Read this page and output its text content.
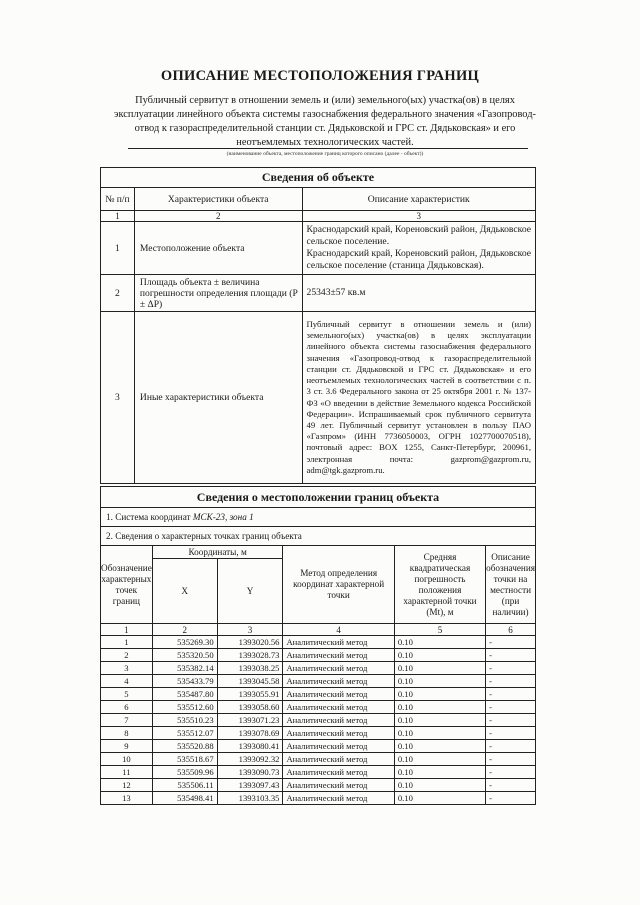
ОПИСАНИЕ МЕСТОПОЛОЖЕНИЯ ГРАНИЦ
Публичный сервитут в отношении земель и (или) земельного(ых) участка(ов) в целях эксплуатации линейного объекта системы газоснабжения федерального значения «Газопровод-отвод к газораспределительной станции ст. Дядьковской и ГРС ст. Дядьковская» и его неотъемлемых технологических частей.
(наименование объекта, местоположение границ которого описано (далее - объект))
Сведения об объекте		
№ п/п	Характеристики объекта	Описание характеристик
1	2	3
1	Местоположение объекта	Краснодарский край, Кореновский район, Дядьковское сельское поселение.
Краснодарский край, Кореновский район, Дядьковское сельское поселение (станица Дядьковская).

2	Площадь объекта ± величина погрешности определения площади (P ± ΔP)	25343±57 кв.м
3	Иные характеристики объекта	Публичный сервитут в отношении земель и (или) земельного(ых) участка(ов) в целях эксплуатации линейного объекта системы газоснабжения федерального значения «Газопровод-отвод к газораспределительной станции ст. Дядьковской и ГРС ст. Дядьковская» и его неотъемлемых технологических частей в соответствии с п. 3 ст. 3.6 Федерального закона от 25 октября 2001 г. № 137-ФЗ «О введении в действие Земельного кодекса Российской Федерации». Испрашиваемый срок публичного сервитута 49 лет. Публичный сервитут установлен в пользу ПАО «Газпром» (ИНН 7736050003, ОГРН 1027700070518), почтовый адрес: BOX 1255, Санкт-Петербург, 200961, электронная почта: gazprom@gazprom.ru, adm@tgk.gazprom.ru.
Сведения о местоположении границ объекта					
1. Система координат МСК-23, зона 1					
2. Сведения о характерных точках границ объекта					
Обозначение характерных точек границ	Координаты, м		Метод определения координат характерной точки	Средняя квадратическая погрешность положения характерной точки (Mt), м	Описание обозначения точки на местности (при наличии)
	X	Y			
1	2	3	4	5	6
1	535269.30	1393020.56	Аналитический метод	0.10	-
2	535320.50	1393028.73	Аналитический метод	0.10	-
3	535382.14	1393038.25	Аналитический метод	0.10	-
4	535433.79	1393045.58	Аналитический метод	0.10	-
5	535487.80	1393055.91	Аналитический метод	0.10	-
6	535512.60	1393058.60	Аналитический метод	0.10	-
7	535510.23	1393071.23	Аналитический метод	0.10	-
8	535512.07	1393078.69	Аналитический метод	0.10	-
9	535520.88	1393080.41	Аналитический метод	0.10	-
10	535518.67	1393092.32	Аналитический метод	0.10	-
11	535509.96	1393090.73	Аналитический метод	0.10	-
12	535506.11	1393097.43	Аналитический метод	0.10	-
13	535498.41	1393103.35	Аналитический метод	0.10	-
